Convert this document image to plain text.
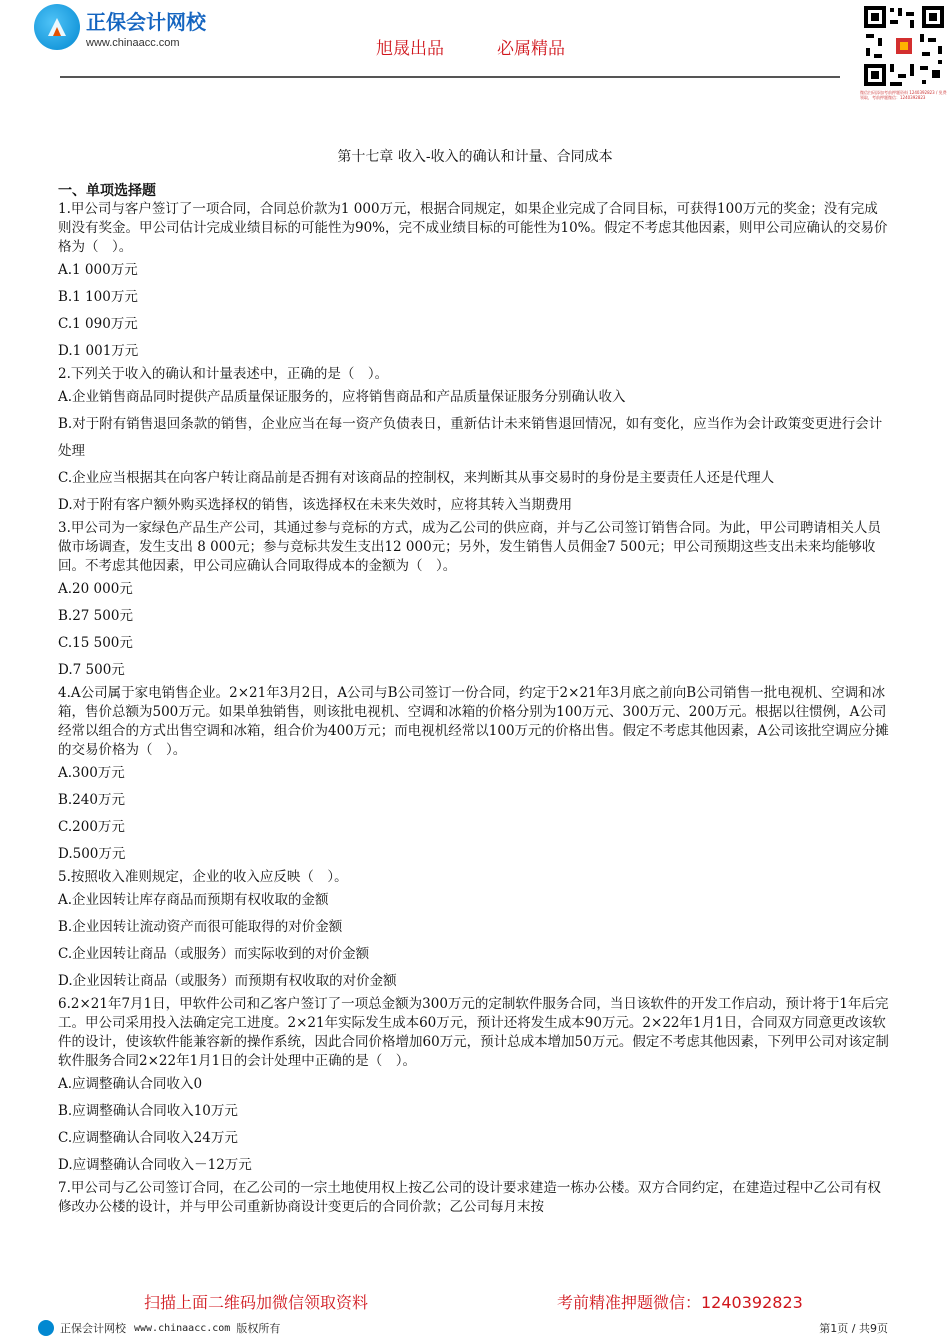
正保会计网校
www.chinaacc.com	旭晟出品	必属精品
微信扫码添加考前押题资料 1240392823 / 免费领取，考前押题微信：1240392823
第十七章 收入-收入的确认和计量、合同成本
一、单项选择题

1.甲公司与客户签订了一项合同，合同总价款为1 000万元，根据合同规定，如果企业完成了合同目标，可获得100万元的奖金；没有完成则没有奖金。甲公司估计完成业绩目标的可能性为90%，完不成业绩目标的可能性为10%。假定不考虑其他因素，则甲公司应确认的交易价格为（　）。

A.1 000万元

B.1 100万元

C.1 090万元

D.1 001万元

2.下列关于收入的确认和计量表述中，正确的是（　）。

A.企业销售商品同时提供产品质量保证服务的，应将销售商品和产品质量保证服务分别确认收入

B.对于附有销售退回条款的销售，企业应当在每一资产负债表日，重新估计未来销售退回情况，如有变化，应当作为会计政策变更进行会计处理

C.企业应当根据其在向客户转让商品前是否拥有对该商品的控制权，来判断其从事交易时的身份是主要责任人还是代理人

D.对于附有客户额外购买选择权的销售，该选择权在未来失效时，应将其转入当期费用

3.甲公司为一家绿色产品生产公司，其通过参与竞标的方式，成为乙公司的供应商，并与乙公司签订销售合同。为此，甲公司聘请相关人员做市场调查，发生支出 8 000元；参与竞标共发生支出12 000元；另外，发生销售人员佣金7 500元；甲公司预期这些支出未来均能够收回。不考虑其他因素，甲公司应确认合同取得成本的金额为（　）。

A.20 000元

B.27 500元

C.15 500元

D.7 500元

4.A公司属于家电销售企业。2×21年3月2日，A公司与B公司签订一份合同，约定于2×21年3月底之前向B公司销售一批电视机、空调和冰箱，售价总额为500万元。如果单独销售，则该批电视机、空调和冰箱的价格分别为100万元、300万元、200万元。根据以往惯例，A公司经常以组合的方式出售空调和冰箱，组合价为400万元；而电视机经常以100万元的价格出售。假定不考虑其他因素，A公司该批空调应分摊的交易价格为（　）。

A.300万元

B.240万元

C.200万元

D.500万元

5.按照收入准则规定，企业的收入应反映（　）。

A.企业因转让库存商品而预期有权收取的金额

B.企业因转让流动资产而很可能取得的对价金额

C.企业因转让商品（或服务）而实际收到的对价金额

D.企业因转让商品（或服务）而预期有权收取的对价金额

6.2×21年7月1日，甲软件公司和乙客户签订了一项总金额为300万元的定制软件服务合同，当日该软件的开发工作启动，预计将于1年后完工。甲公司采用投入法确定完工进度。2×21年实际发生成本60万元，预计还将发生成本90万元。2×22年1月1日，合同双方同意更改该软件的设计，使该软件能兼容新的操作系统，因此合同价格增加60万元，预计总成本增加50万元。假定不考虑其他因素，下列甲公司对该定制软件服务合同2×22年1月1日的会计处理中正确的是（　）。

A.应调整确认合同收入0

B.应调整确认合同收入10万元

C.应调整确认合同收入24万元

D.应调整确认合同收入－12万元

7.甲公司与乙公司签订合同，在乙公司的一宗土地使用权上按乙公司的设计要求建造一栋办公楼。双方合同约定，在建造过程中乙公司有权修改办公楼的设计，并与甲公司重新协商设计变更后的合同价款；乙公司每月末按

扫描上面二维码加微信领取资料	考前精准押题微信：1240392823
正保会计网校 www.chinaacc.com 版权所有	第1页 / 共9页
